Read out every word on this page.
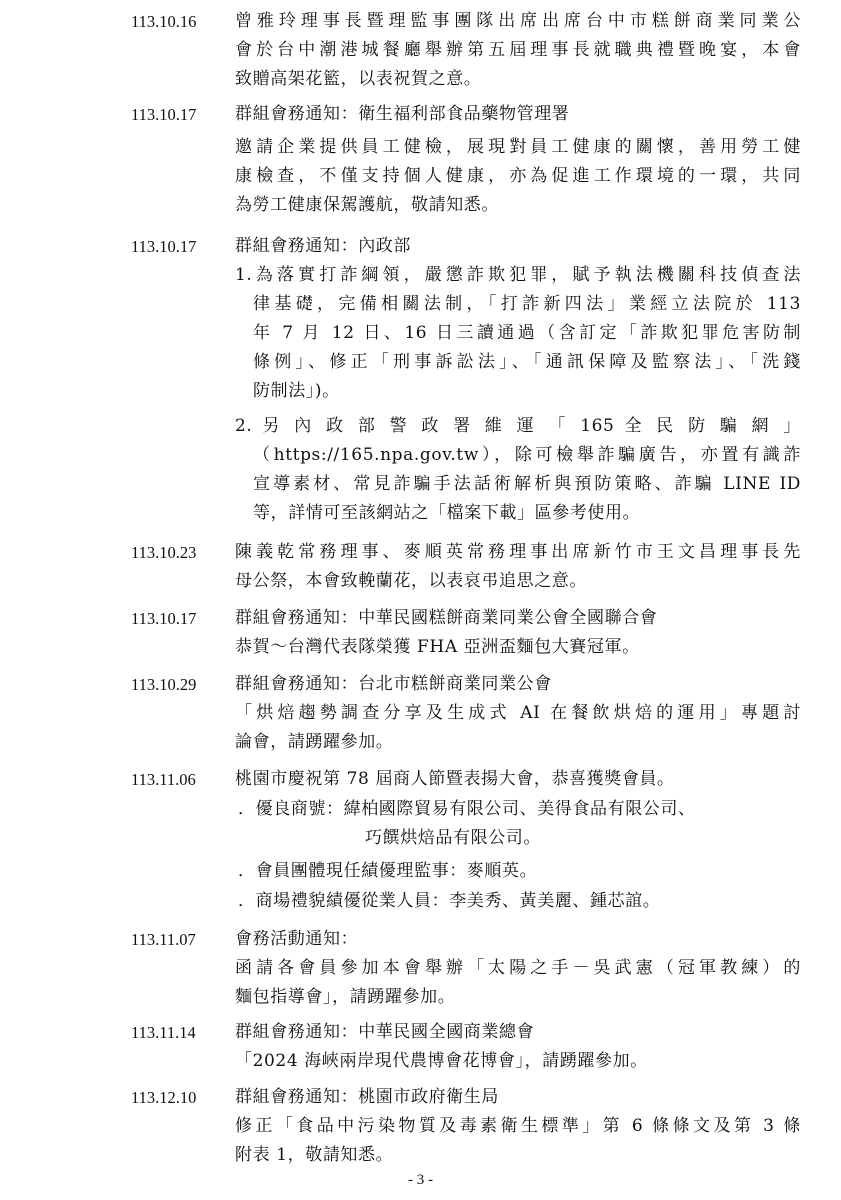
113.10.16 曾雅玲理事長暨理監事團隊出席出席台中市糕餅商業同業公
會於台中潮港城餐廳舉辦第五屆理事長就職典禮暨晚宴，本會
致贈高架花籃，以表祝賀之意。
113.10.17 群組會務通知：衛生福利部食品藥物管理署
邀請企業提供員工健檢，展現對員工健康的關懷，善用勞工健
康檢查，不僅支持個人健康，亦為促進工作環境的一環，共同
為勞工健康保駕護航，敬請知悉。
113.10.17 群組會務通知：內政部
1.為落實打詐綱領，嚴懲詐欺犯罪，賦予執法機關科技偵查法
律基礎，完備相關法制，「打詐新四法」業經立法院於 113
年 7 月 12 日、16 日三讀通過（含訂定「詐欺犯罪危害防制
條例」、修正「刑事訴訟法」、「通訊保障及監察法」、「洗錢
防制法」)。
2. 另 內 政 部 警 政 署 維 運 「 165 全 民 防 騙 網 」
（https://165.npa.gov.tw），除可檢舉詐騙廣告，亦置有識詐
宣導素材、常見詐騙手法話術解析與預防策略、詐騙 LINE ID
等，詳情可至該網站之「檔案下載」區參考使用。
113.10.23 陳義乾常務理事、麥順英常務理事出席新竹市王文昌理事長先
母公祭，本會致輓蘭花，以表哀弔追思之意。
113.10.17 群組會務通知：中華民國糕餅商業同業公會全國聯合會
恭賀～台灣代表隊榮獲 FHA 亞洲盃麵包大賽冠軍。
113.10.29 群組會務通知：台北市糕餅商業同業公會
「烘焙趨勢調查分享及生成式 AI 在餐飲烘焙的運用」專題討
論會，請踴躍參加。
113.11.06 桃園市慶祝第 78 屆商人節暨表揚大會，恭喜獲獎會員。
．優良商號：緯柏國際貿易有限公司、美得食品有限公司、
巧饌烘焙品有限公司。
．會員團體現任績優理監事：麥順英。
．商場禮貌績優從業人員：李美秀、黃美麗、鍾芯誼。
113.11.07 會務活動通知：
函請各會員參加本會舉辦「太陽之手－吳武憲（冠軍教練）的
麵包指導會」，請踴躍參加。
113.11.14 群組會務通知：中華民國全國商業總會
「2024 海峽兩岸現代農博會花博會」，請踴躍參加。
113.12.10 群組會務通知：桃園市政府衛生局
修正「食品中污染物質及毒素衛生標準」第 6 條條文及第 3 條
附表 1，敬請知悉。
- 3 -
